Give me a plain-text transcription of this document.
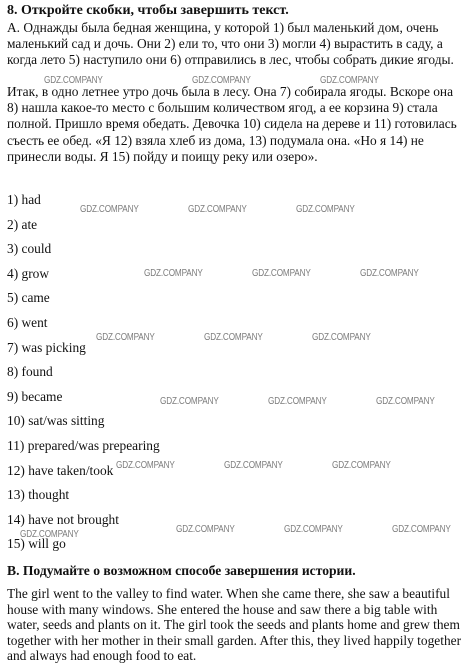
8. Откройте скобки, чтобы завершить текст.
А. Однажды была бедная женщина, у которой 1) был маленький дом, очень маленький сад и дочь. Они 2) ели то, что они 3) могли 4) вырастить в саду, а когда лето 5) наступило они 6) отправились в лес, чтобы собрать дикие ягоды.
Итак, в одно летнее утро дочь была в лесу. Она 7) собирала ягоды. Вскоре она 8) нашла какое-то место с большим количеством ягод, а ее корзина 9) стала полной. Пришло время обедать. Девочка 10) сидела на дереве и 11) готовилась съесть ее обед. «Я 12) взяла хлеб из дома, 13) подумала она. «Но я 14) не принесли воды. Я 15) пойду и поищу реку или озеро».
1) had
2) ate
3) could
4) grow
5) came
6) went
7) was picking
8) found
9) became
10) sat/was sitting
11) prepared/was prepearing
12) have taken/took
13) thought
14) have not brought
15) will go
В. Подумайте о возможном способе завершения истории.
The girl went to the valley to find water. When she came there, she saw a beautiful house with many windows. She entered the house and saw there a big table with water, seeds and plants on it. The girl took the seeds and plants home and grew them together with her mother in their small garden. After this, they lived happily together and always had enough food to eat.
GDZ.COMPANY	GDZ.COMPANY	GDZ.COMPANY
GDZ.COMPANY	GDZ.COMPANY	GDZ.COMPANY
GDZ.COMPANY	GDZ.COMPANY	GDZ.COMPANY
GDZ.COMPANY	GDZ.COMPANY	GDZ.COMPANY
GDZ.COMPANY	GDZ.COMPANY	GDZ.COMPANY
GDZ.COMPANY	GDZ.COMPANY	GDZ.COMPANY
GDZ.COMPANY	GDZ.COMPANY	GDZ.COMPANY
GDZ.COMPANY
